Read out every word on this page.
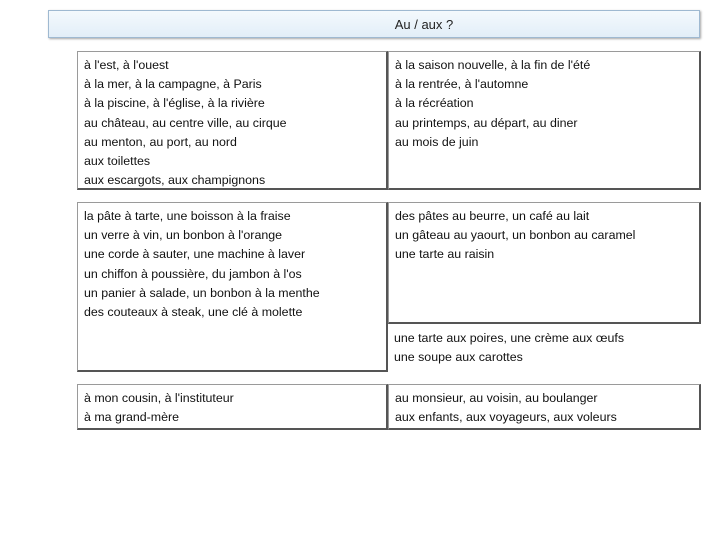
Au / aux ?
à l'est, à l'ouest
à la mer, à la campagne, à Paris
à la piscine, à l'église, à la rivière
au château, au centre ville, au cirque
au menton, au port, au nord
aux toilettes
aux escargots, aux champignons
à la saison nouvelle, à la fin de l'été
à la rentrée, à l'automne
à la récréation
au printemps, au départ, au diner
au mois de juin
la pâte à tarte, une boisson à la fraise
un verre à vin, un bonbon à l'orange
une corde à sauter, une machine à laver
un chiffon à poussière, du jambon à l'os
un panier à salade, un bonbon à la menthe
des couteaux à steak, une clé à molette
des pâtes au beurre, un café au lait
un gâteau au yaourt, un bonbon au caramel
une tarte au raisin
une tarte aux poires, une crème aux œufs
une soupe aux carottes
à mon cousin, à l'instituteur
à ma grand-mère
au monsieur, au voisin, au boulanger
aux enfants, aux voyageurs, aux voleurs
